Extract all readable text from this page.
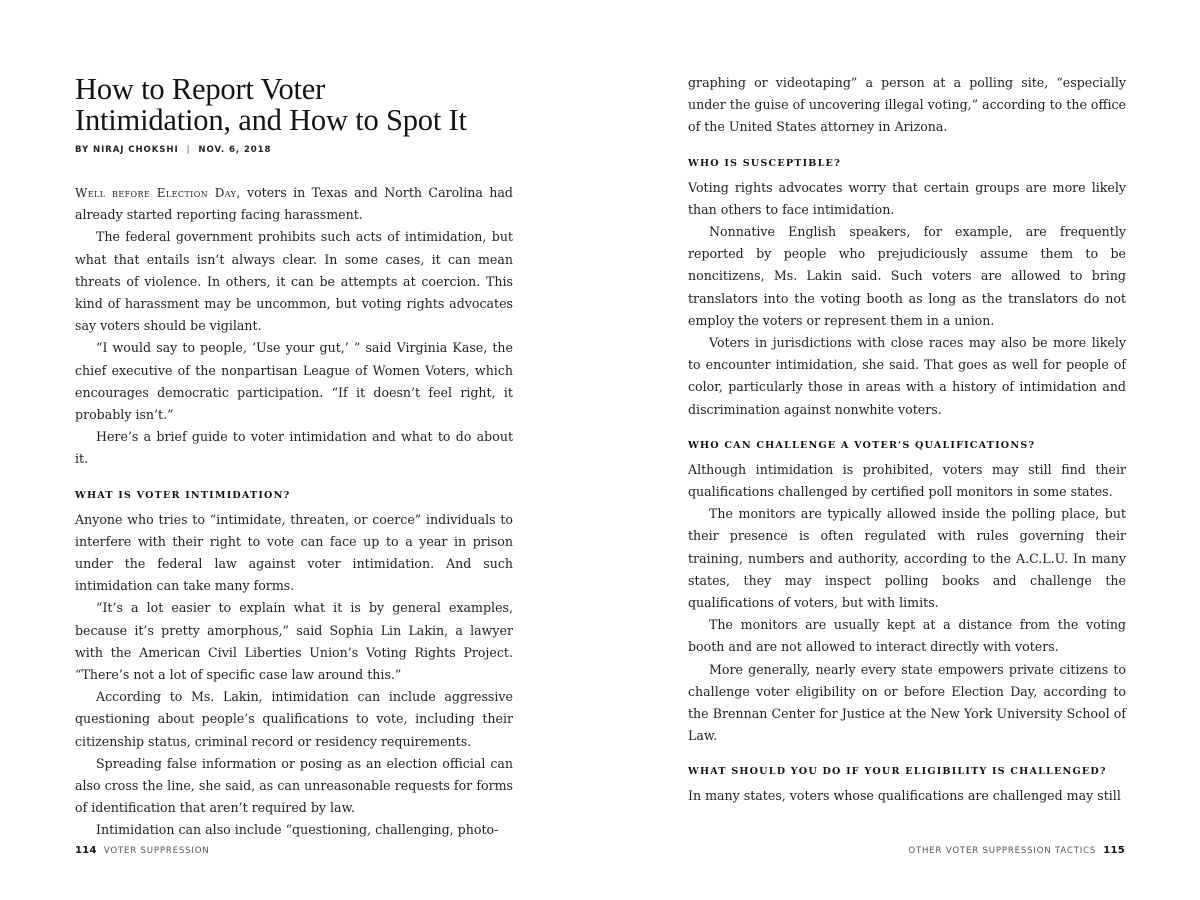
How to Report Voter
Intimidation, and How to Spot It
BY NIRAJ CHOKSHI | NOV. 6, 2018

Well before Election Day, voters in Texas and North Carolina had already started reporting facing harassment.

The federal government prohibits such acts of intimidation, but what that entails isn’t always clear. In some cases, it can mean threats of violence. In others, it can be attempts at coercion. This kind of harassment may be uncommon, but voting rights advocates say voters should be vigilant.

“I would say to people, ‘Use your gut,’ ” said Virginia Kase, the chief executive of the nonpartisan League of Women Voters, which encourages democratic participation. “If it doesn’t feel right, it probably isn’t.”

Here’s a brief guide to voter intimidation and what to do about it.

WHAT IS VOTER INTIMIDATION?

Anyone who tries to “intimidate, threaten, or coerce” individuals to interfere with their right to vote can face up to a year in prison under the federal law against voter intimidation. And such intimidation can take many forms.

“It’s a lot easier to explain what it is by general examples, because it’s pretty amorphous,” said Sophia Lin Lakin, a lawyer with the American Civil Liberties Union’s Voting Rights Project. “There’s not a lot of specific case law around this.”

According to Ms. Lakin, intimidation can include aggressive questioning about people’s qualifications to vote, including their citizenship status, criminal record or residency requirements.

Spreading false information or posing as an election official can also cross the line, she said, as can unreasonable requests for forms of identification that aren’t required by law.

Intimidation can also include “questioning, challenging, photo-

graphing or videotaping” a person at a polling site, “especially under the guise of uncovering illegal voting,” according to the office of the United States attorney in Arizona.

WHO IS SUSCEPTIBLE?

Voting rights advocates worry that certain groups are more likely than others to face intimidation.

Nonnative English speakers, for example, are frequently reported by people who prejudiciously assume them to be noncitizens, Ms. Lakin said. Such voters are allowed to bring translators into the voting booth as long as the translators do not employ the voters or represent them in a union.

Voters in jurisdictions with close races may also be more likely to encounter intimidation, she said. That goes as well for people of color, particularly those in areas with a history of intimidation and discrimination against nonwhite voters.

WHO CAN CHALLENGE A VOTER’S QUALIFICATIONS?

Although intimidation is prohibited, voters may still find their qualifications challenged by certified poll monitors in some states.

The monitors are typically allowed inside the polling place, but their presence is often regulated with rules governing their training, numbers and authority, according to the A.C.L.U. In many states, they may inspect polling books and challenge the qualifications of voters, but with limits.

The monitors are usually kept at a distance from the voting booth and are not allowed to interact directly with voters.

More generally, nearly every state empowers private citizens to challenge voter eligibility on or before Election Day, according to the Brennan Center for Justice at the New York University School of Law.

WHAT SHOULD YOU DO IF YOUR ELIGIBILITY IS CHALLENGED?

In many states, voters whose qualifications are challenged may still

114 VOTER SUPPRESSION	OTHER VOTER SUPPRESSION TACTICS 115
